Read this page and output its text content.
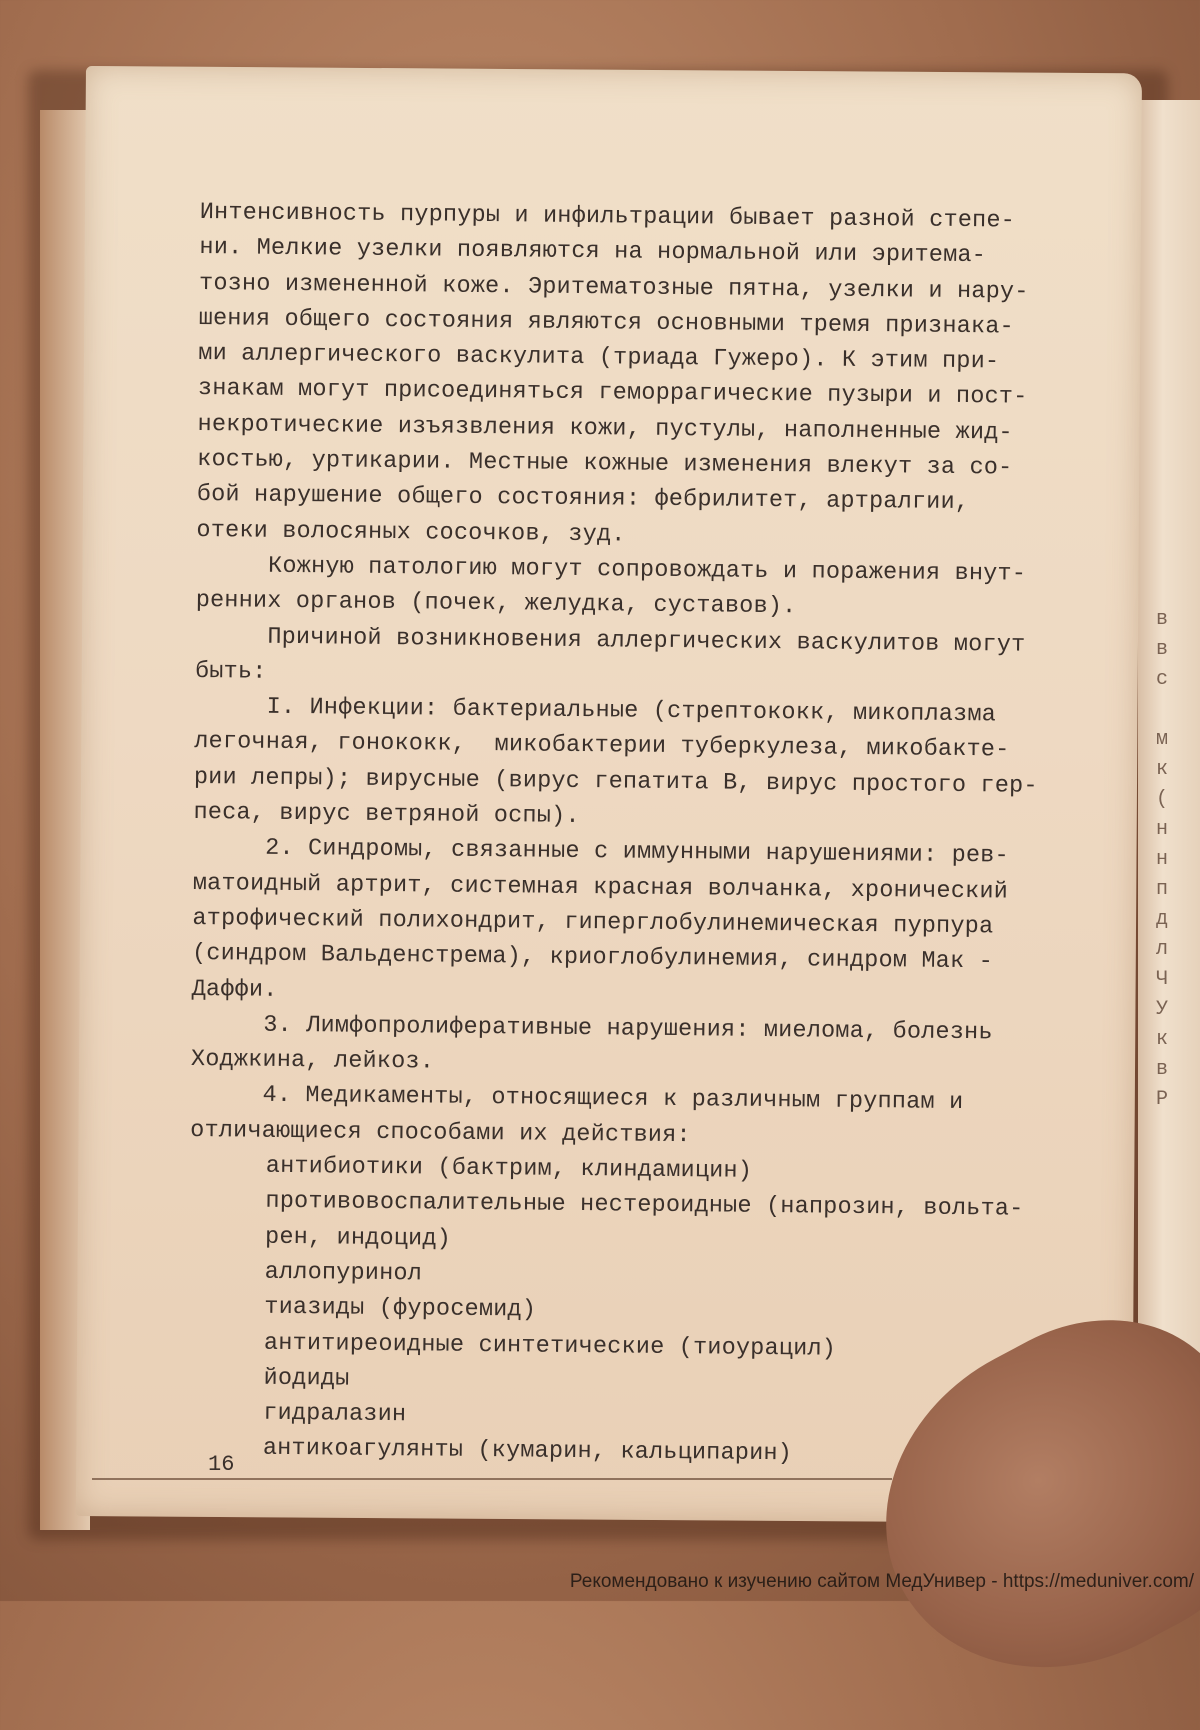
в
в
с

м
к
(
н
н
п
д
л
Ч
У
к
в
Р
Интенсивность пурпуры и инфильтрации бывает разной степе-
ни. Мелкие узелки появляются на нормальной или эритема-
тозно измененной коже. Эритематозные пятна, узелки и нару-
шения общего состояния являются основными тремя признака-
ми аллергического васкулита (триада Гужеро). К этим при-
знакам могут присоединяться геморрагические пузыри и пост-
некротические изъязвления кожи, пустулы, наполненные жид-
костью, уртикарии. Местные кожные изменения влекут за со-
бой нарушение общего состояния: фебрилитет, артралгии,
отеки волосяных сосочков, зуд.
Кожную патологию могут сопровождать и поражения внут-
ренних органов (почек, желудка, суставов).
Причиной возникновения аллергических васкулитов могут
быть:
I. Инфекции: бактериальные (стрептококк, микоплазма
легочная, гонококк,  микобактерии туберкулеза, микобакте-
рии лепры); вирусные (вирус гепатита В, вирус простого гер-
песа, вирус ветряной оспы).
2. Синдромы, связанные с иммунными нарушениями: рев-
матоидный артрит, системная красная волчанка, хронический
атрофический полихондрит, гиперглобулинемическая пурпура
(синдром Вальденстрема), криоглобулинемия, синдром Мак -
Даффи.
3. Лимфопролиферативные нарушения: миелома, болезнь
Ходжкина, лейкоз.
4. Медикаменты, относящиеся к различным группам и
отличающиеся способами их действия:
антибиотики (бактрим, клиндамицин)
противовоспалительные нестероидные (напрозин, вольта-
рен, индоцид)
аллопуринол
тиазиды (фуросемид)
антитиреоидные синтетические (тиоурацил)
йодиды
гидралазин
антикоагулянты (кумарин, кальципарин)
16
Рекомендовано к изучению сайтом МедУнивер - https://meduniver.com/
